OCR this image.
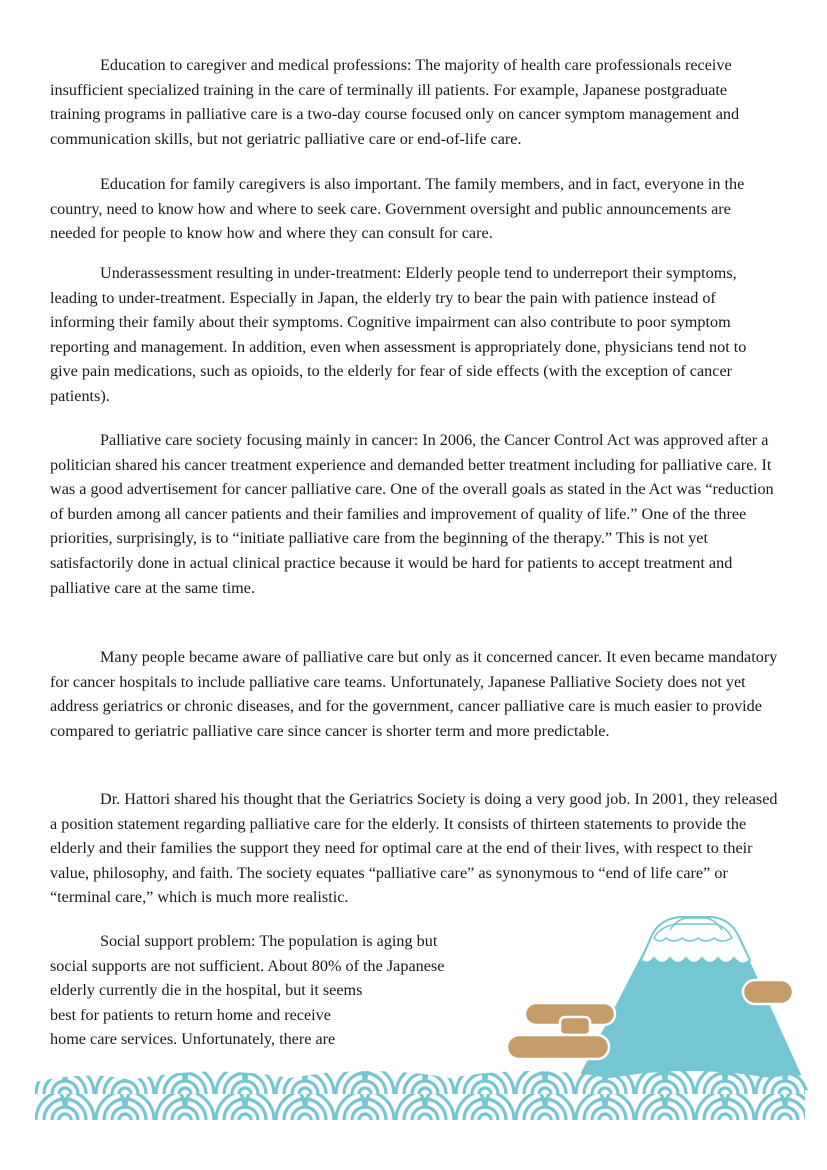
Education to caregiver and medical professions: The majority of health care professionals receive insufficient specialized training in the care of terminally ill patients. For example, Japanese postgraduate training programs in palliative care is a two-day course focused only on cancer symptom management and communication skills, but not geriatric palliative care or end-of-life care.

Education for family caregivers is also important. The family members, and in fact, everyone in the country, need to know how and where to seek care. Government oversight and public announcements are needed for people to know how and where they can consult for care.

Underassessment resulting in under-treatment: Elderly people tend to underreport their symptoms, leading to under-treatment. Especially in Japan, the elderly try to bear the pain with patience instead of informing their family about their symptoms. Cognitive impairment can also contribute to poor symptom reporting and management. In addition, even when assessment is appropriately done, physicians tend not to give pain medications, such as opioids, to the elderly for fear of side effects (with the exception of cancer patients).

Palliative care society focusing mainly in cancer: In 2006, the Cancer Control Act was approved after a politician shared his cancer treatment experience and demanded better treatment including for palliative care. It was a good advertisement for cancer palliative care. One of the overall goals as stated in the Act was “reduction of burden among all cancer patients and their families and improvement of quality of life.” One of the three priorities, surprisingly, is to “initiate palliative care from the beginning of the therapy.” This is not yet satisfactorily done in actual clinical practice because it would be hard for patients to accept treatment and palliative care at the same time.

Many people became aware of palliative care but only as it concerned cancer. It even became mandatory for cancer hospitals to include palliative care teams. Unfortunately, Japanese Palliative Society does not yet address geriatrics or chronic diseases, and for the government, cancer palliative care is much easier to provide compared to geriatric palliative care since cancer is shorter term and more predictable.

Dr. Hattori shared his thought that the Geriatrics Society is doing a very good job. In 2001, they released a position statement regarding palliative care for the elderly. It consists of thirteen statements to provide the elderly and their families the support they need for optimal care at the end of their lives, with respect to their value, philosophy, and faith. The society equates “palliative care” as synonymous to “end of life care” or “terminal care,” which is much more realistic.

Social support problem: The population is aging but
social supports are not sufficient. About 80% of the Japanese
elderly currently die in the hospital, but it seems
best for patients to return home and receive
home care services. Unfortunately, there are
